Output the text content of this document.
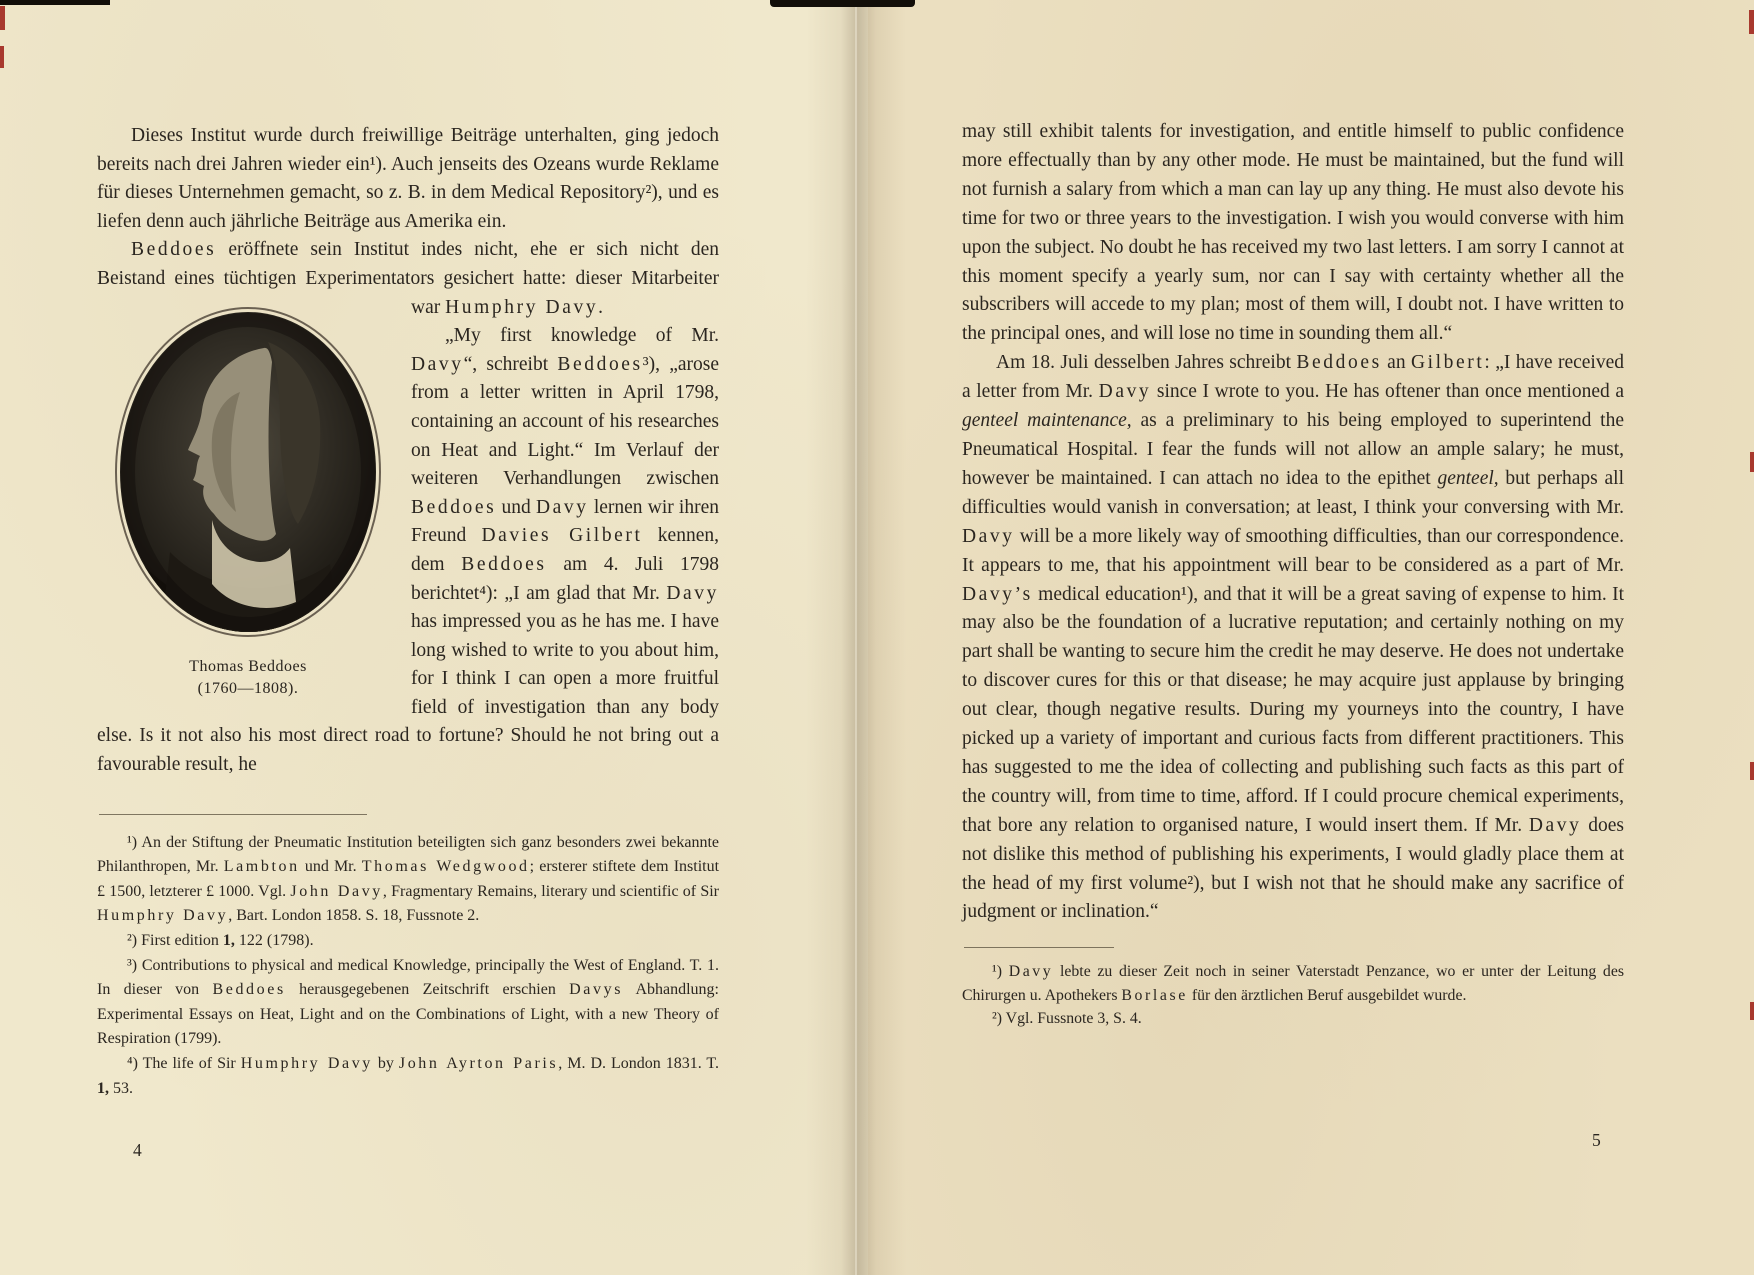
Dieses Institut wurde durch freiwillige Beiträge unterhalten, ging jedoch bereits nach drei Jahren wieder ein¹). Auch jenseits des Ozeans wurde Reklame für dieses Unternehmen gemacht, so z. B. in dem Medical Repository²), und es liefen denn auch jährliche Beiträge aus Amerika ein.

Beddoes eröffnete sein Institut indes nicht, ehe er sich nicht den Beistand eines tüchtigen Experimentators gesichert hatte: dieser
Thomas Beddoes
(1760—1808).
Mitarbeiter war Humphry Davy.

„My first knowledge of Mr. Davy“, schreibt Beddoes³), „arose from a letter written in April 1798, containing an account of his researches on Heat and Light.“ Im Verlauf der weiteren Verhandlungen zwischen Beddoes und Davy lernen wir ihren Freund Davies Gilbert kennen, dem Beddoes am 4. Juli 1798 berichtet⁴): „I am glad that Mr. Davy has impressed you as he has me. I have long wished to write to you about him, for I think I can open a more fruitful field of investigation than any body else. Is it not also his most direct road to fortune? Should he not bring out a favourable result, he

¹) An der Stiftung der Pneumatic Institution beteiligten sich ganz besonders zwei bekannte Philanthropen, Mr. Lambton und Mr. Thomas Wedgwood; ersterer stiftete dem Institut £ 1500, letzterer £ 1000. Vgl. John Davy, Fragmentary Remains, literary und scientific of Sir Humphry Davy, Bart. London 1858. S. 18, Fussnote 2.

²) First edition 1, 122 (1798).

³) Contributions to physical and medical Knowledge, principally the West of England. T. 1. In dieser von Beddoes herausgegebenen Zeitschrift erschien Davys Abhandlung: Experimental Essays on Heat, Light and on the Combinations of Light, with a new Theory of Respiration (1799).

⁴) The life of Sir Humphry Davy by John Ayrton Paris, M. D. London 1831. T. 1, 53.

may still exhibit talents for investigation, and entitle himself to public confidence more effectually than by any other mode. He must be maintained, but the fund will not furnish a salary from which a man can lay up any thing. He must also devote his time for two or three years to the investigation. I wish you would converse with him upon the subject. No doubt he has received my two last letters. I am sorry I cannot at this moment specify a yearly sum, nor can I say with certainty whether all the subscribers will accede to my plan; most of them will, I doubt not. I have written to the principal ones, and will lose no time in sounding them all.“

Am 18. Juli desselben Jahres schreibt Beddoes an Gilbert: „I have received a letter from Mr. Davy since I wrote to you. He has oftener than once mentioned a genteel maintenance, as a preliminary to his being employed to superintend the Pneumatical Hospital. I fear the funds will not allow an ample salary; he must, however be maintained. I can attach no idea to the epithet genteel, but perhaps all difficulties would vanish in conversation; at least, I think your conversing with Mr. Davy will be a more likely way of smoothing difficulties, than our correspondence. It appears to me, that his appointment will bear to be considered as a part of Mr. Davy’s medical education¹), and that it will be a great saving of expense to him. It may also be the foundation of a lucrative reputation; and certainly nothing on my part shall be wanting to secure him the credit he may deserve. He does not undertake to discover cures for this or that disease; he may acquire just applause by bringing out clear, though negative results. During my yourneys into the country, I have picked up a variety of important and curious facts from different practitioners. This has suggested to me the idea of collecting and publishing such facts as this part of the country will, from time to time, afford. If I could procure chemical experiments, that bore any relation to organised nature, I would insert them. If Mr. Davy does not dislike this method of publishing his experiments, I would gladly place them at the head of my first volume²), but I wish not that he should make any sacrifice of judgment or inclination.“

¹) Davy lebte zu dieser Zeit noch in seiner Vaterstadt Penzance, wo er unter der Leitung des Chirurgen u. Apothekers Borlase für den ärztlichen Beruf ausgebildet wurde.

²) Vgl. Fussnote 3, S. 4.

4	5
